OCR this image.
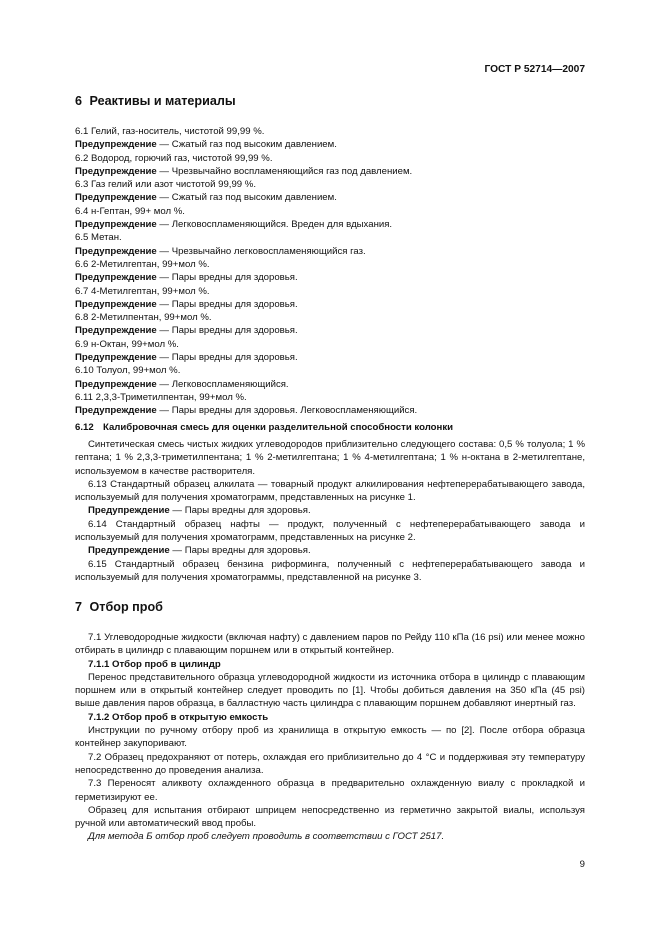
ГОСТ Р 52714—2007
6 Реактивы и материалы

6.1 Гелий, газ-носитель, чистотой 99,99 %.

Предупреждение — Сжатый газ под высоким давлением.

6.2 Водород, горючий газ, чистотой 99,99 %.

Предупреждение — Чрезвычайно воспламеняющийся газ под давлением.

6.3 Газ гелий или азот чистотой 99,99 %.

Предупреждение — Сжатый газ под высоким давлением.

6.4 н-Гептан, 99+ мол %.

Предупреждение — Легковоспламеняющийся. Вреден для вдыхания.

6.5 Метан.

Предупреждение — Чрезвычайно легковоспламеняющийся газ.

6.6 2-Метилгептан, 99+мол %.

Предупреждение — Пары вредны для здоровья.

6.7 4-Метилгептан, 99+мол %.

Предупреждение — Пары вредны для здоровья.

6.8 2-Метилпентан, 99+мол %.

Предупреждение — Пары вредны для здоровья.

6.9 н-Октан, 99+мол %.

Предупреждение — Пары вредны для здоровья.

6.10 Толуол, 99+мол %.

Предупреждение — Легковоспламеняющийся.

6.11 2,3,3-Триметилпентан, 99+мол %.

Предупреждение — Пары вредны для здоровья. Легковоспламеняющийся.

6.12 Калибровочная смесь для оценки разделительной способности колонки

Синтетическая смесь чистых жидких углеводородов приблизительно следующего состава: 0,5 % толуола; 1 % гептана; 1 % 2,3,3-триметилпентана; 1 % 2-метилгептана; 1 % 4-метилгептана; 1 % н-октана в 2-метилгептане, используемом в качестве растворителя.

6.13 Стандартный образец алкилата — товарный продукт алкилирования нефтеперерабатывающего завода, используемый для получения хроматограмм, представленных на рисунке 1.

Предупреждение — Пары вредны для здоровья.

6.14 Стандартный образец нафты — продукт, полученный с нефтеперерабатывающего завода и используемый для получения хроматограмм, представленных на рисунке 2.

Предупреждение — Пары вредны для здоровья.

6.15 Стандартный образец бензина риформинга, полученный с нефтеперерабатывающего завода и используемый для получения хроматограммы, представленной на рисунке 3.

7 Отбор проб

7.1 Углеводородные жидкости (включая нафту) с давлением паров по Рейду 110 кПа (16 psi) или менее можно отбирать в цилиндр с плавающим поршнем или в открытый контейнер.

7.1.1 Отбор проб в цилиндр

Перенос представительного образца углеводородной жидкости из источника отбора в цилиндр с плавающим поршнем или в открытый контейнер следует проводить по [1]. Чтобы добиться давления на 350 кПа (45 psi) выше давления паров образца, в балластную часть цилиндра с плавающим поршнем добавляют инертный газ.

7.1.2 Отбор проб в открытую емкость

Инструкции по ручному отбору проб из хранилища в открытую емкость — по [2]. После отбора образца контейнер закупоривают.

7.2 Образец предохраняют от потерь, охлаждая его приблизительно до 4 °С и поддерживая эту температуру непосредственно до проведения анализа.

7.3 Переносят аликвоту охлажденного образца в предварительно охлажденную виалу с прокладкой и герметизируют ее.

Образец для испытания отбирают шприцем непосредственно из герметично закрытой виалы, используя ручной или автоматический ввод пробы.

Для метода Б отбор проб следует проводить в соответствии с ГОСТ 2517.

9
